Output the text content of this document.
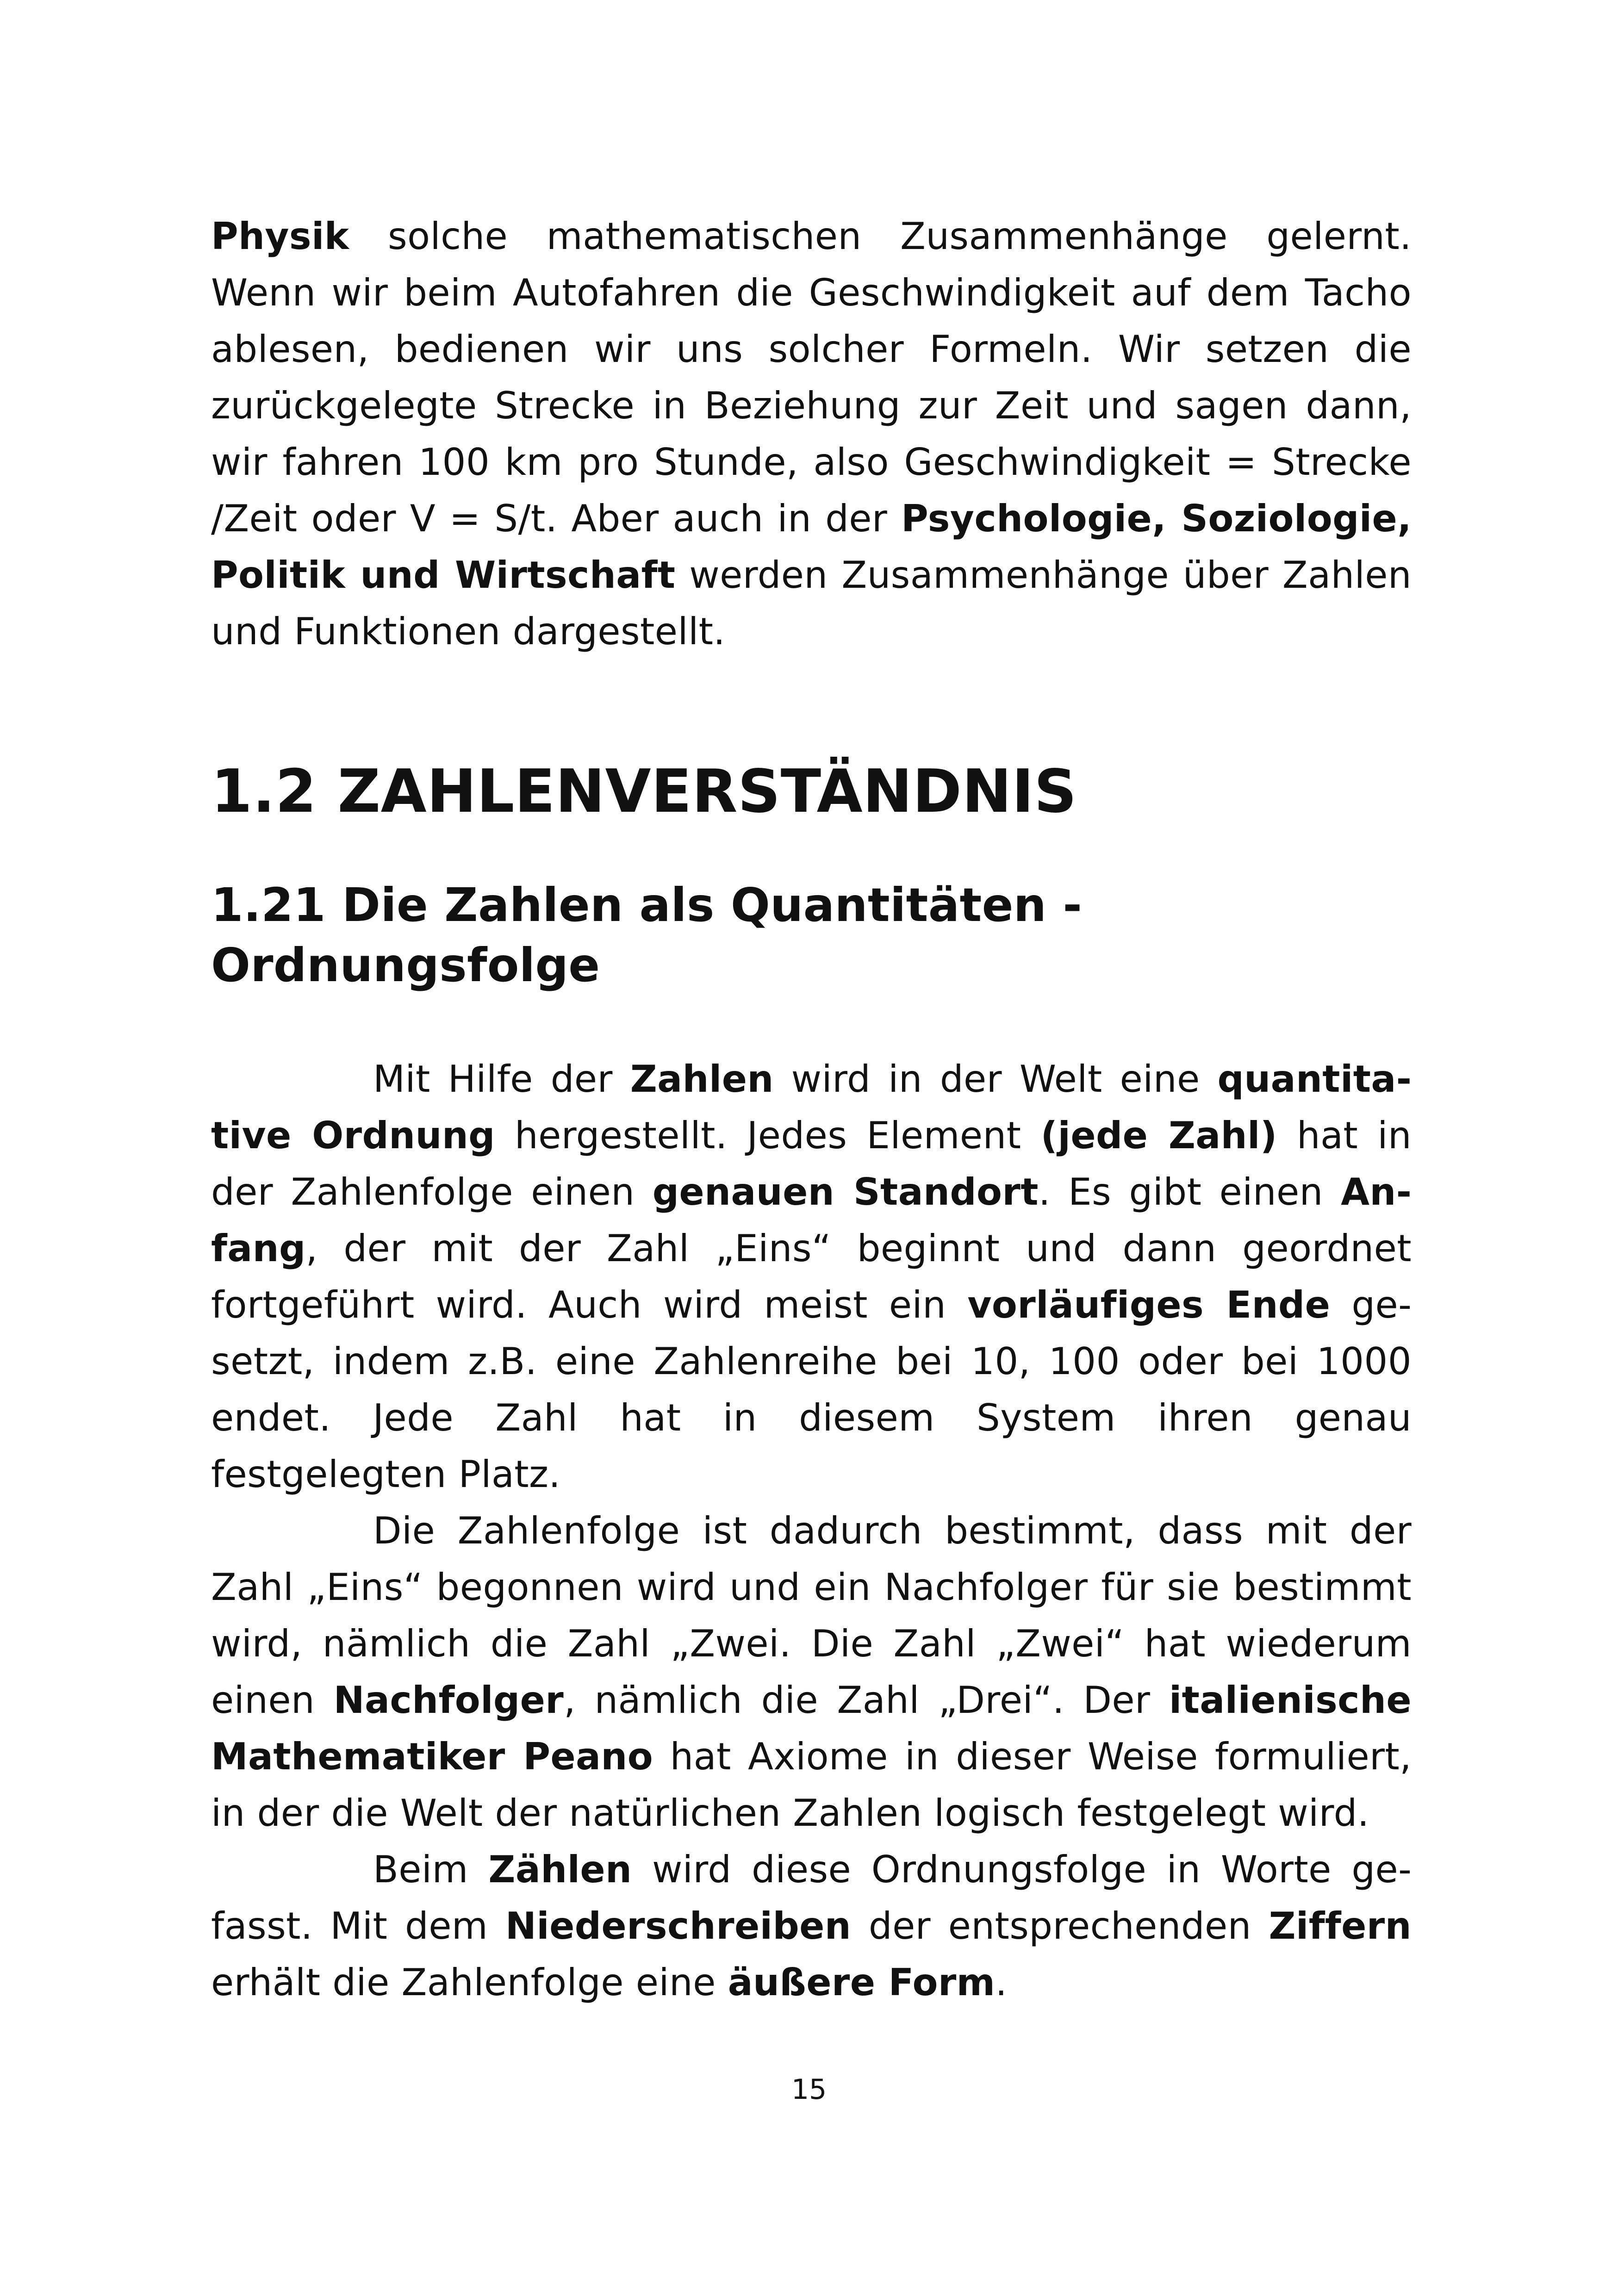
Physik solche mathematischen Zusammenhänge gelernt. Wenn wir beim Autofahren die Geschwindigkeit auf dem Tacho ablesen, bedienen wir uns solcher Formeln. Wir setzen die zurückgelegte Strecke in Beziehung zur Zeit und sagen dann, wir fahren 100 km pro Stunde, also Geschwindigkeit = Strecke /Zeit oder V = S/t. Aber auch in der Psychologie, Soziologie, Politik und Wirtschaft werden Zusammenhänge über Zahlen und Funktionen dargestellt.

1.2 ZAHLENVERSTÄNDNIS
1.21 Die Zahlen als Quantitäten - Ordnungsfolge

Mit Hilfe der Zahlen wird in der Welt eine quantitative Ordnung hergestellt. Jedes Element (jede Zahl) hat in der Zahlenfolge einen genauen Standort. Es gibt einen Anfang, der mit der Zahl „Eins“ beginnt und dann geordnet fortgeführt wird. Auch wird meist ein vorläufiges Ende gesetzt, indem z.B. eine Zahlenreihe bei 10, 100 oder bei 1000 endet. Jede Zahl hat in diesem System ihren genau festgelegten Platz.

Die Zahlenfolge ist dadurch bestimmt, dass mit der Zahl „Eins“ begonnen wird und ein Nachfolger für sie bestimmt wird, nämlich die Zahl „Zwei. Die Zahl „Zwei“ hat wiederum einen Nachfolger, nämlich die Zahl „Drei“. Der italienische Mathematiker Peano hat Axiome in dieser Weise formuliert, in der die Welt der natürlichen Zahlen logisch festgelegt wird.

Beim Zählen wird diese Ordnungsfolge in Worte gefasst. Mit dem Niederschreiben der entsprechenden Ziffern erhält die Zahlenfolge eine äußere Form.

15
